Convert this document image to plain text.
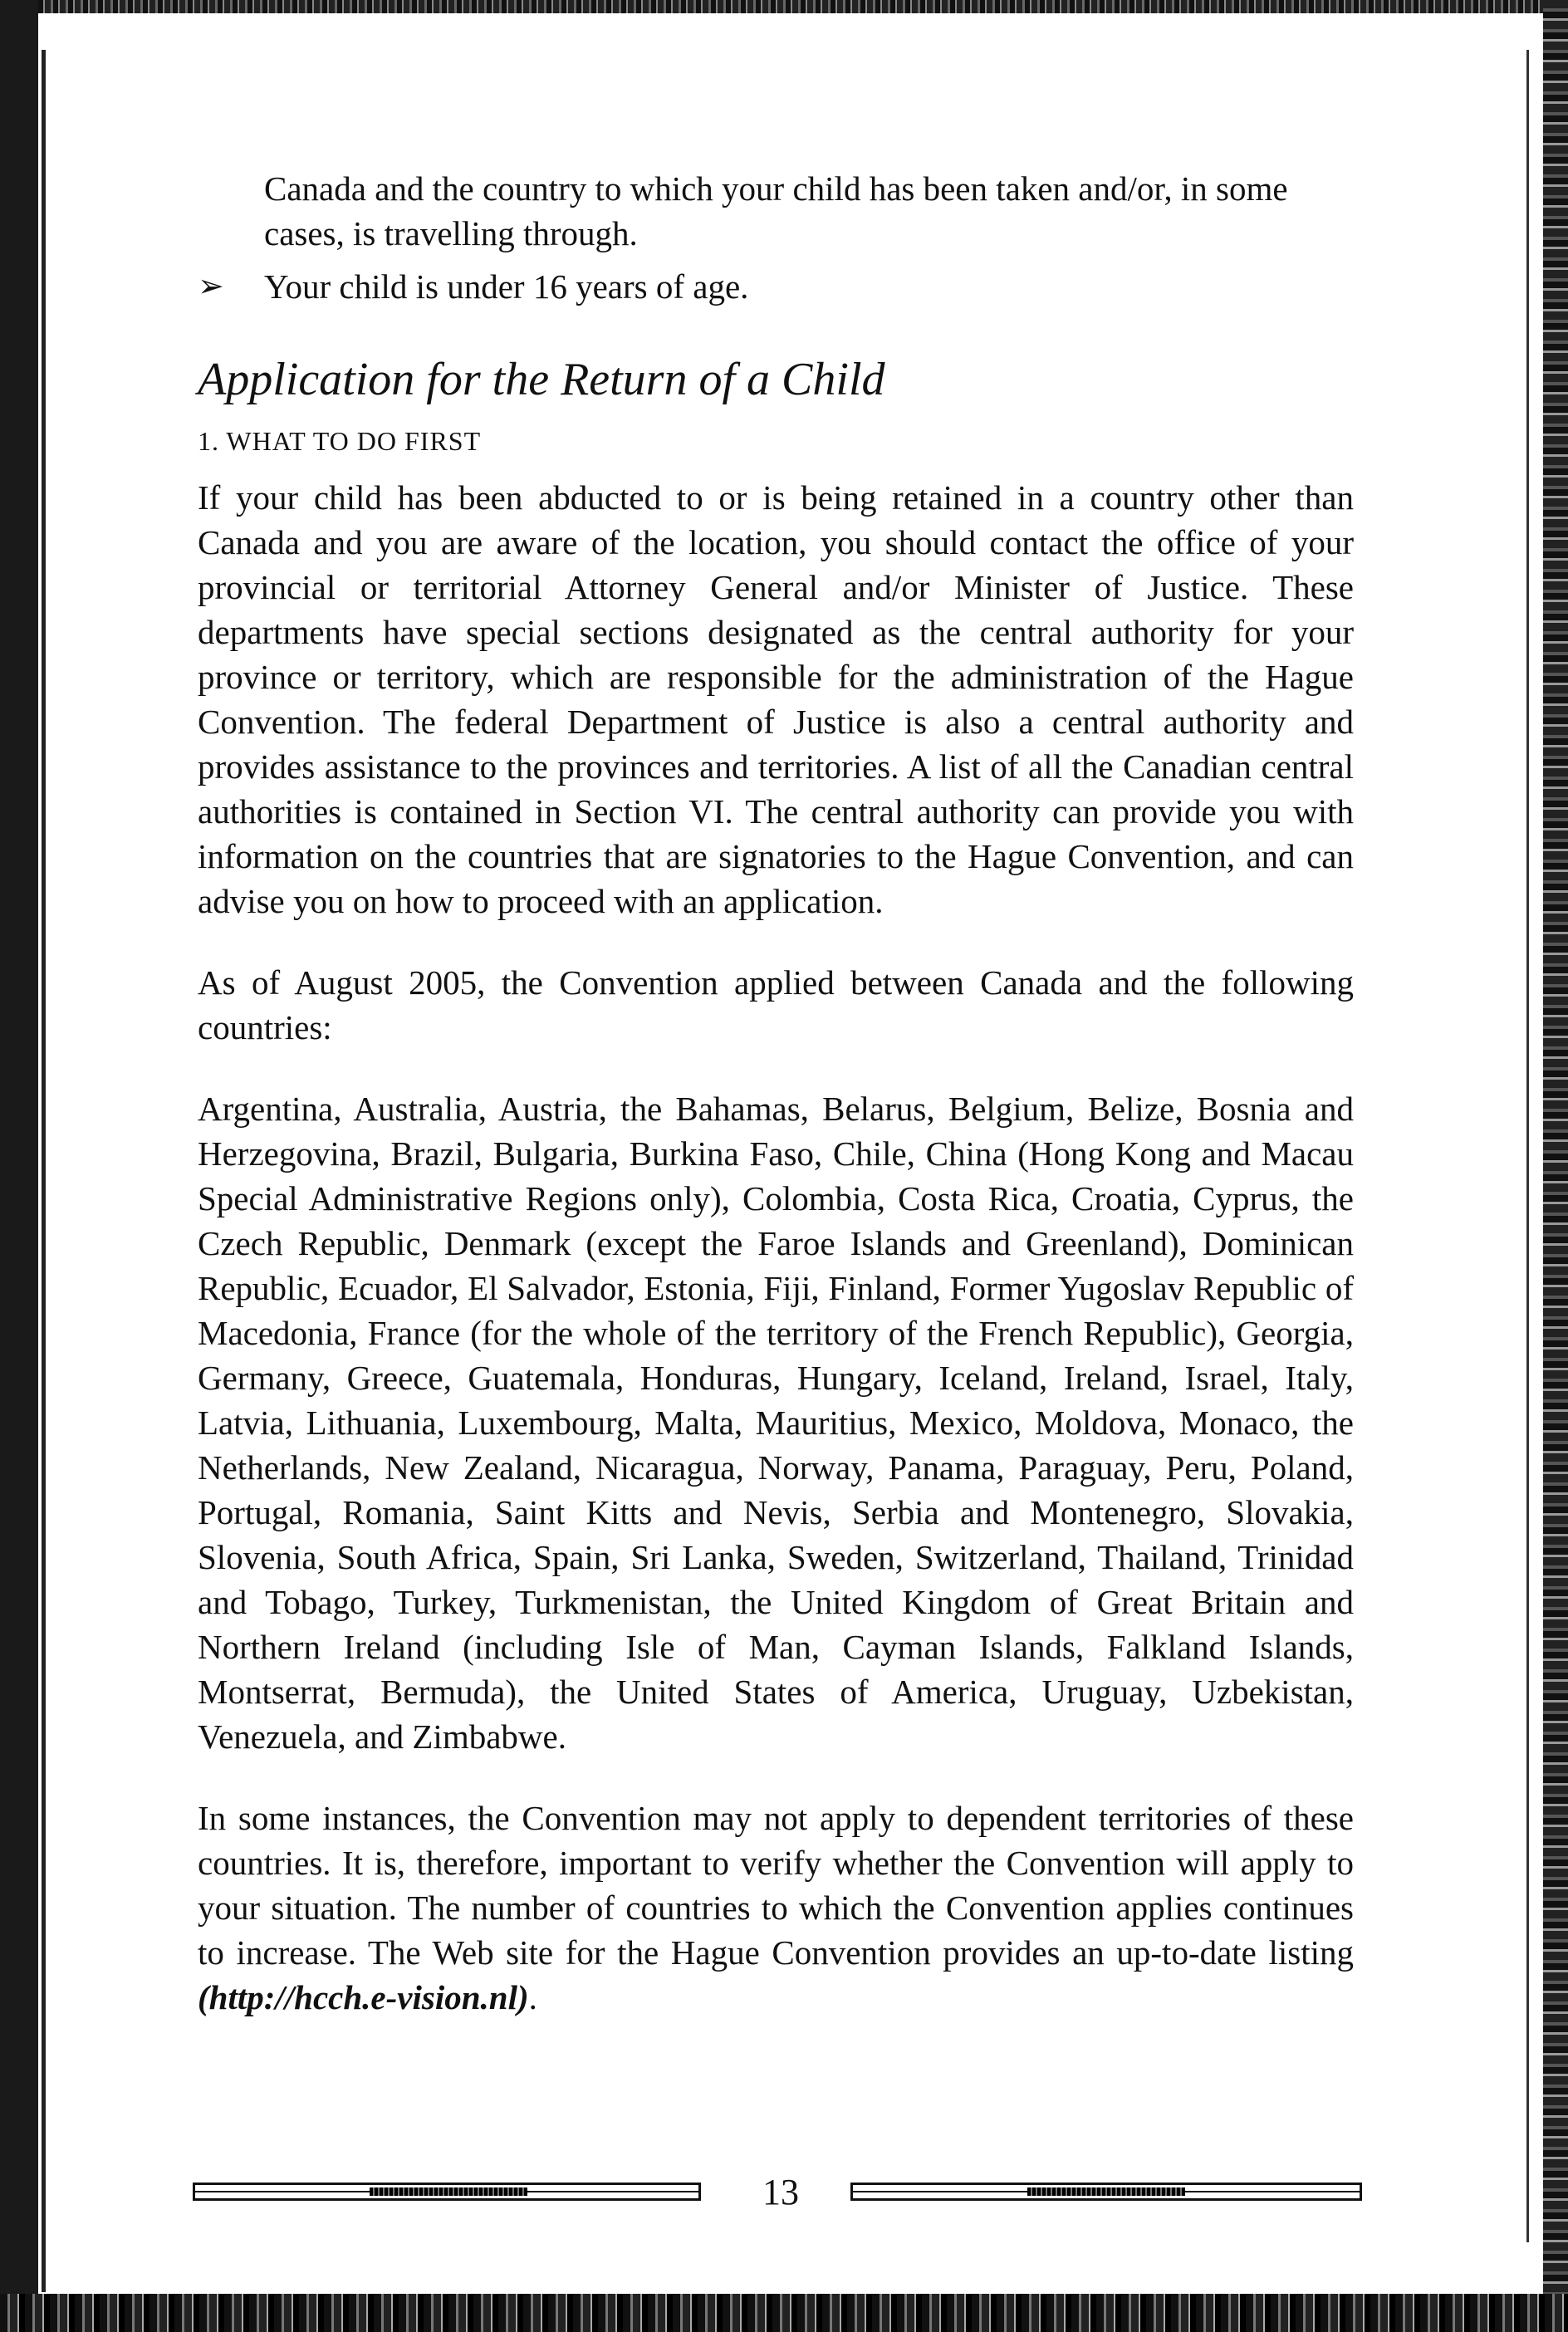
Canada and the country to which your child has been taken and/or, in some cases, is travelling through.

➢	Your child is under 16 years of age.
Application for the Return of a Child
1. WHAT TO DO FIRST

If your child has been abducted to or is being retained in a country other than Canada and you are aware of the location, you should contact the office of your provincial or territorial Attorney General and/or Minister of Justice. These departments have special sections designated as the central authority for your province or territory, which are responsible for the administration of the Hague Convention. The federal Department of Justice is also a central authority and provides assistance to the provinces and territories. A list of all the Canadian central authorities is contained in Section VI. The central authority can provide you with information on the countries that are signatories to the Hague Convention, and can advise you on how to proceed with an application.

As of August 2005, the Convention applied between Canada and the following countries:

Argentina, Australia, Austria, the Bahamas, Belarus, Belgium, Belize, Bosnia and Herzegovina, Brazil, Bulgaria, Burkina Faso, Chile, China (Hong Kong and Macau Special Administrative Regions only), Colombia, Costa Rica, Croatia, Cyprus, the Czech Republic, Denmark (except the Faroe Islands and Greenland), Dominican Republic, Ecuador, El Salvador, Estonia, Fiji, Finland, Former Yugoslav Republic of Macedonia, France (for the whole of the territory of the French Republic), Georgia, Germany, Greece, Guatemala, Honduras, Hungary, Iceland, Ireland, Israel, Italy, Latvia, Lithuania, Luxembourg, Malta, Mauritius, Mexico, Moldova, Monaco, the Netherlands, New Zealand, Nicaragua, Norway, Panama, Paraguay, Peru, Poland, Portugal, Romania, Saint Kitts and Nevis, Serbia and Montenegro, Slovakia, Slovenia, South Africa, Spain, Sri Lanka, Sweden, Switzerland, Thailand, Trinidad and Tobago, Turkey, Turkmenistan, the United Kingdom of Great Britain and Northern Ireland (including Isle of Man, Cayman Islands, Falkland Islands, Montserrat, Bermuda), the United States of America, Uruguay, Uzbekistan, Venezuela, and Zimbabwe.

In some instances, the Convention may not apply to dependent territories of these countries. It is, therefore, important to verify whether the Convention will apply to your situation. The number of countries to which the Convention applies continues to increase. The Web site for the Hague Convention provides an up-to-date listing (http://hcch.e-vision.nl).

13
